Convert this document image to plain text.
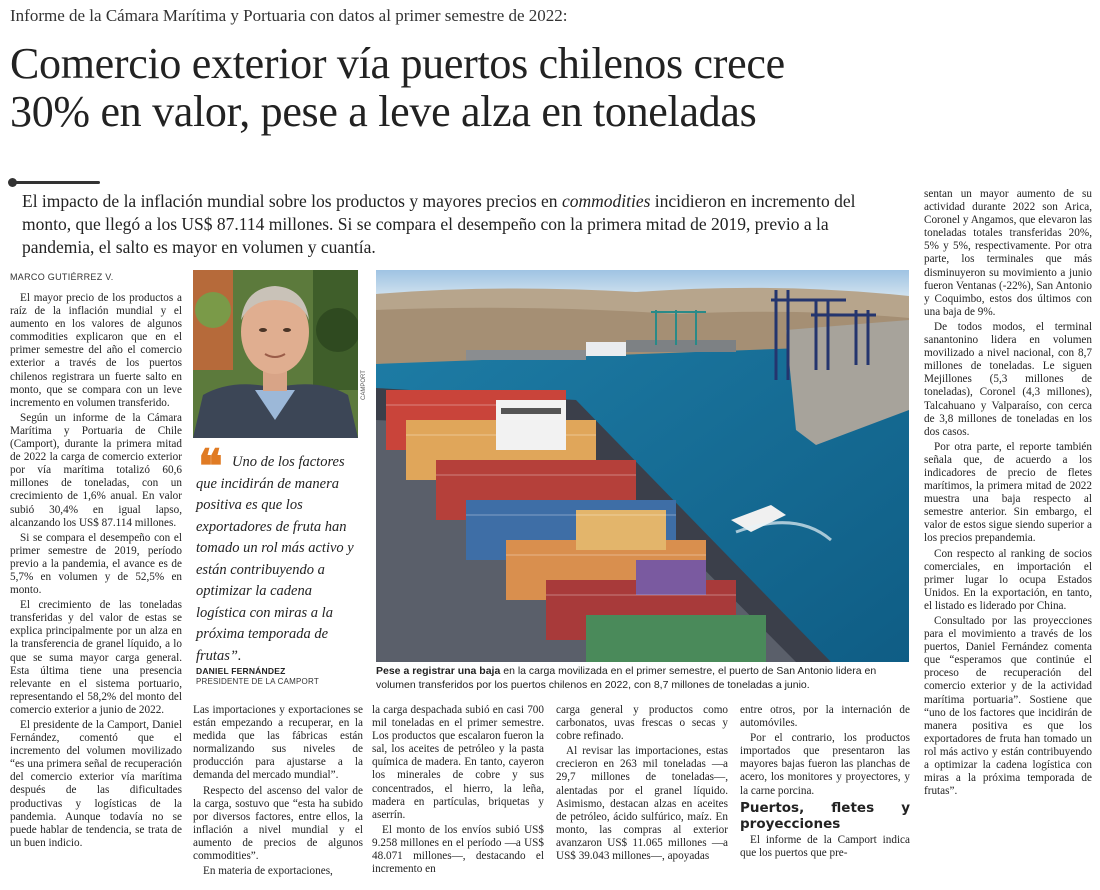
Informe de la Cámara Marítima y Portuaria con datos al primer semestre de 2022:
Comercio exterior vía puertos chilenos crece
30% en valor, pese a leve alza en toneladas
El impacto de la inflación mundial sobre los productos y mayores precios en commodities incidieron en incremento del monto, que llegó a los US$ 87.114 millones. Si se compara el desempeño con la primera mitad de 2019, previo a la pandemia, el salto es mayor en volumen y cuantía.
MARCO GUTIÉRREZ V.

El mayor precio de los productos a raíz de la inflación mundial y el aumento en los valores de algunos commodities explicaron que en el primer semestre del año el comercio exterior a través de los puertos chilenos registrara un fuerte salto en monto, que se compara con un leve incremento en volumen transferido.

Según un informe de la Cámara Marítima y Portuaria de Chile (Camport), durante la primera mitad de 2022 la carga de comercio exterior por vía marítima totalizó 60,6 millones de toneladas, con un crecimiento de 1,6% anual. En valor subió 30,4% en igual lapso, alcanzando los US$ 87.114 millones.

Si se compara el desempeño con el primer semestre de 2019, período previo a la pandemia, el avance es de 5,7% en volumen y de 52,5% en monto.

El crecimiento de las toneladas transferidas y del valor de estas se explica principalmente por un alza en la transferencia de granel líquido, a lo que se suma mayor carga general. Esta última tiene una presencia relevante en el sistema portuario, representando el 58,2% del monto del comercio exterior a junio de 2022.

El presidente de la Camport, Daniel Fernández, comentó que el incremento del volumen movilizado “es una primera señal de recuperación del comercio exterior vía marítima después de las dificultades productivas y logísticas de la pandemia. Aunque todavía no se puede hablar de tendencia, se trata de un buen indicio.

CAMPORT
❝ Uno de los factores que incidirán de manera positiva es que los exportadores de fruta han tomado un rol más activo y están contribuyendo a optimizar la cadena logística con miras a la próxima temporada de frutas”.
DANIEL FERNÁNDEZ
PRESIDENTE DE LA CAMPORT
Pese a registrar una baja en la carga movilizada en el primer semestre, el puerto de San Antonio lidera en volumen transferidos por los puertos chilenos en 2022, con 8,7 millones de toneladas a junio.

Las importaciones y exportaciones se están empezando a recuperar, en la medida que las fábricas están normalizando sus niveles de producción para ajustarse a la demanda del mercado mundial”.

Respecto del ascenso del valor de la carga, sostuvo que “esta ha subido por diversos factores, entre ellos, la inflación a nivel mundial y el aumento de precios de algunos commodities”.

En materia de exportaciones,

la carga despachada subió en casi 700 mil toneladas en el primer semestre. Los productos que escalaron fueron la sal, los aceites de petróleo y la pasta química de madera. En tanto, cayeron los minerales de cobre y sus concentrados, el hierro, la leña, madera en partículas, briquetas y aserrín.

El monto de los envíos subió US$ 9.258 millones en el período —a US$ 48.071 millones—, destacando el incremento en

carga general y productos como carbonatos, uvas frescas o secas y cobre refinado.

Al revisar las importaciones, estas crecieron en 263 mil toneladas —a 29,7 millones de toneladas—, alentadas por el granel líquido. Asimismo, destacan alzas en aceites de petróleo, ácido sulfúrico, maíz. En monto, las compras al exterior avanzaron US$ 11.065 millones —a US$ 39.043 millones—, apoyadas

entre otros, por la internación de automóviles.

Por el contrario, los productos importados que presentaron las mayores bajas fueron las planchas de acero, los monitores y proyectores, y la carne porcina.

Puertos, fletes y proyecciones

El informe de la Camport indica que los puertos que pre-

sentan un mayor aumento de su actividad durante 2022 son Arica, Coronel y Angamos, que elevaron las toneladas totales transferidas 20%, 5% y 5%, respectivamente. Por otra parte, los terminales que más disminuyeron su movimiento a junio fueron Ventanas (-22%), San Antonio y Coquimbo, estos dos últimos con una baja de 9%.

De todos modos, el terminal sanantonino lidera en volumen movilizado a nivel nacional, con 8,7 millones de toneladas. Le siguen Mejillones (5,3 millones de toneladas), Coronel (4,3 millones), Talcahuano y Valparaíso, con cerca de 3,8 millones de toneladas en los dos casos.

Por otra parte, el reporte también señala que, de acuerdo a los indicadores de precio de fletes marítimos, la primera mitad de 2022 muestra una baja respecto al semestre anterior. Sin embargo, el valor de estos sigue siendo superior a los precios prepandemia.

Con respecto al ranking de socios comerciales, en importación el primer lugar lo ocupa Estados Unidos. En la exportación, en tanto, el listado es liderado por China.

Consultado por las proyecciones para el movimiento a través de los puertos, Daniel Fernández comenta que “esperamos que continúe el proceso de recuperación del comercio exterior y de la actividad marítima portuaria”. Sostiene que “uno de los factores que incidirán de manera positiva es que los exportadores de fruta han tomado un rol más activo y están contribuyendo a optimizar la cadena logística con miras a la próxima temporada de frutas”.
